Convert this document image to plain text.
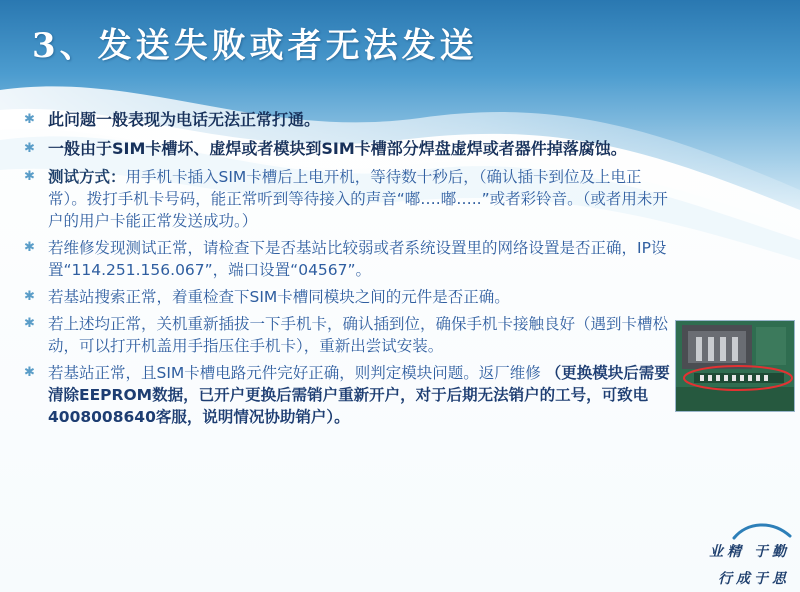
3、发送失败或者无法发送
✱ 此问题一般表现为电话无法正常打通。
✱ 一般由于SIM卡槽坏、虚焊或者模块到SIM卡槽部分焊盘虚焊或者器件掉落腐蚀。
✱ 测试方式：用手机卡插入SIM卡槽后上电开机，等待数十秒后，（确认插卡到位及上电正常）。拨打手机卡号码，能正常听到等待接入的声音“嘟….嘟…..”或者彩铃音。（或者用未开户的用户卡能正常发送成功。）
✱ 若维修发现测试正常，请检查下是否基站比较弱或者系统设置里的网络设置是否正确，IP设置“114.251.156.067”，端口设置“04567”。
✱ 若基站搜索正常，着重检查下SIM卡槽同模块之间的元件是否正确。
✱ 若上述均正常，关机重新插拔一下手机卡，确认插到位，确保手机卡接触良好（遇到卡槽松动，可以打开机盖用手指压住手机卡），重新出尝试安装。
✱ 若基站正常，且SIM卡槽电路元件完好正确，则判定模块问题。返厂维修 （更换模块后需要清除EEPROM数据，已开户更换后需销户重新开户，对于后期无法销户的工号，可致电4008008640客服，说明情况协助销户）。
业精 于勤
行成于思
